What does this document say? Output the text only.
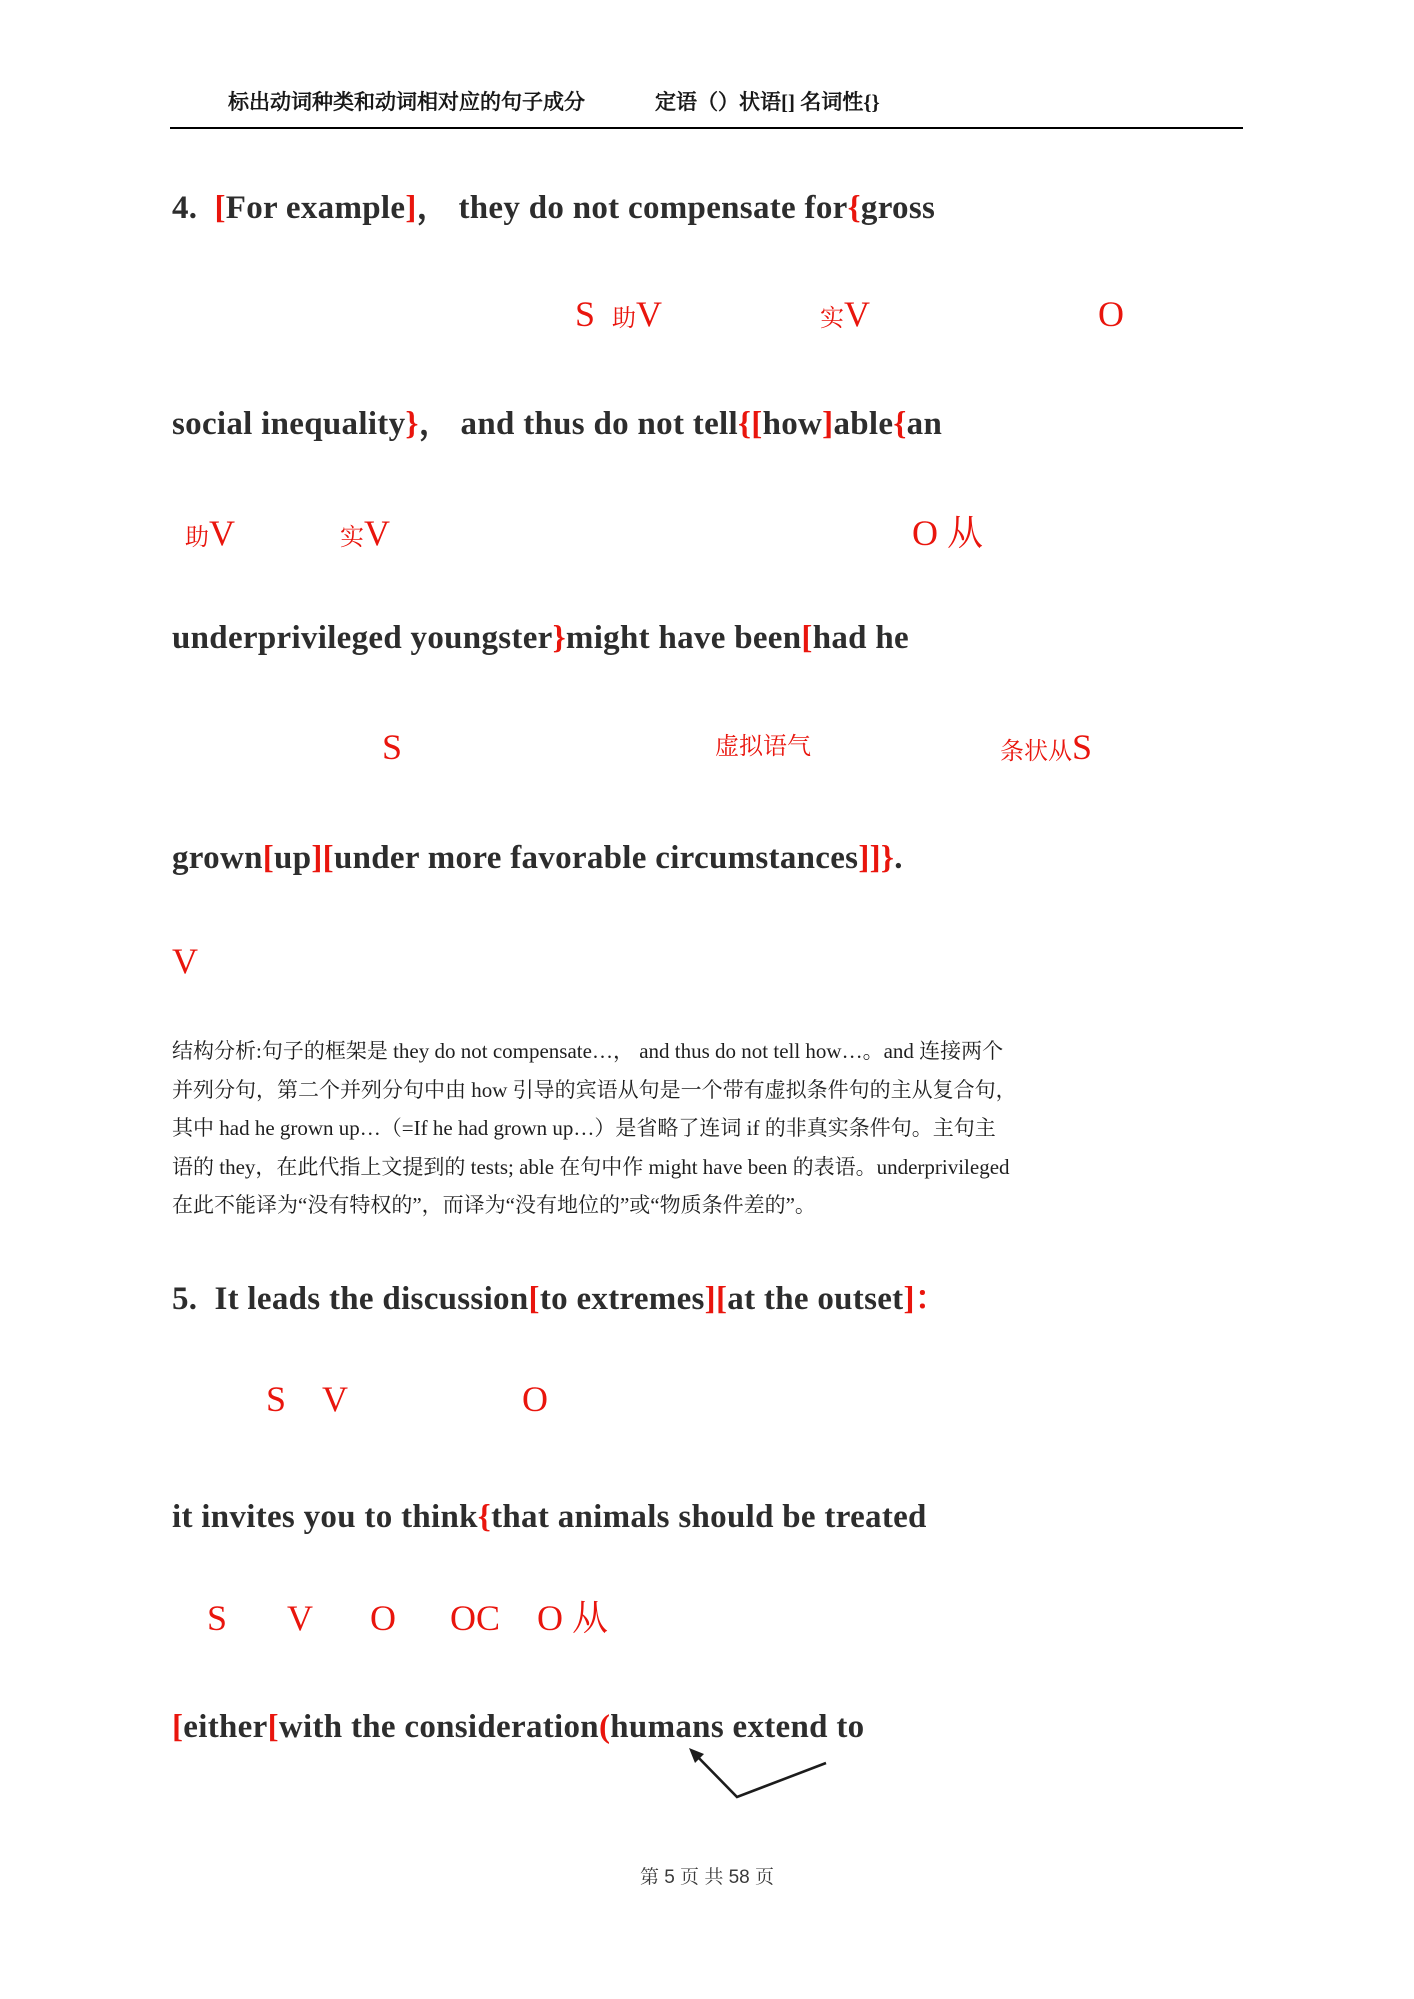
标出动词种类和动词相对应的句子成分	定语（）状语[] 名词性{}
4.  [For example]， they do not compensate for{gross
S 助V	实V	O
social inequality}， and thus do not tell{[how]able{an
助V	实V	O 从
underprivileged youngster}might have been[had he
S	虚拟语气	条状从S
grown[up][under more favorable circumstances]]}.
V
结构分析:句子的框架是 they do not compensate…， and thus do not tell how…。and 连接两个
并列分句，第二个并列分句中由 how 引导的宾语从句是一个带有虚拟条件句的主从复合句，
其中 had he grown up…（=If he had grown up…）是省略了连词 if 的非真实条件句。主句主
语的 they，在此代指上文提到的 tests; able 在句中作 might have been 的表语。underprivileged
在此不能译为“没有特权的”，而译为“没有地位的”或“物质条件差的”。
5.  It leads the discussion[to extremes][at the outset]：
S V	O
it invites you to think{that animals should be treated
S V O OC O 从
[either[with the consideration(humans extend to
第 5 页 共 58 页
